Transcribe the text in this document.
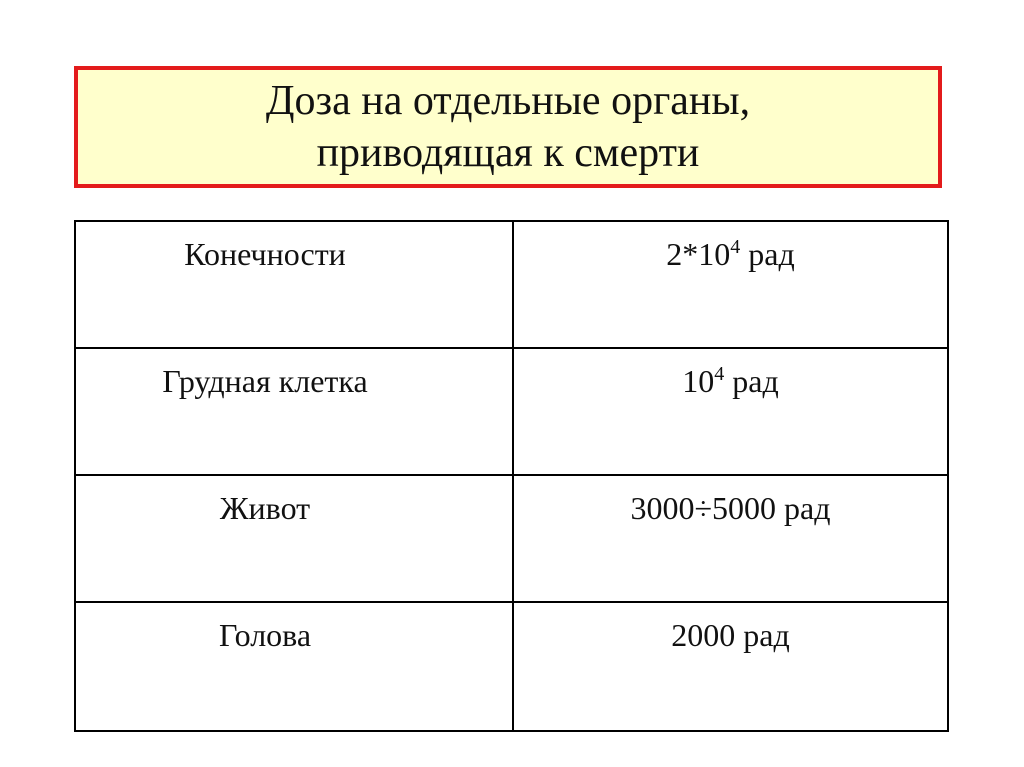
Доза на отдельные органы,
приводящая к смерти
Конечности	$2*10^4$ рад
Грудная клетка	$10^4$ рад
Живот	3000÷5000 рад
Голова	2000 рад
